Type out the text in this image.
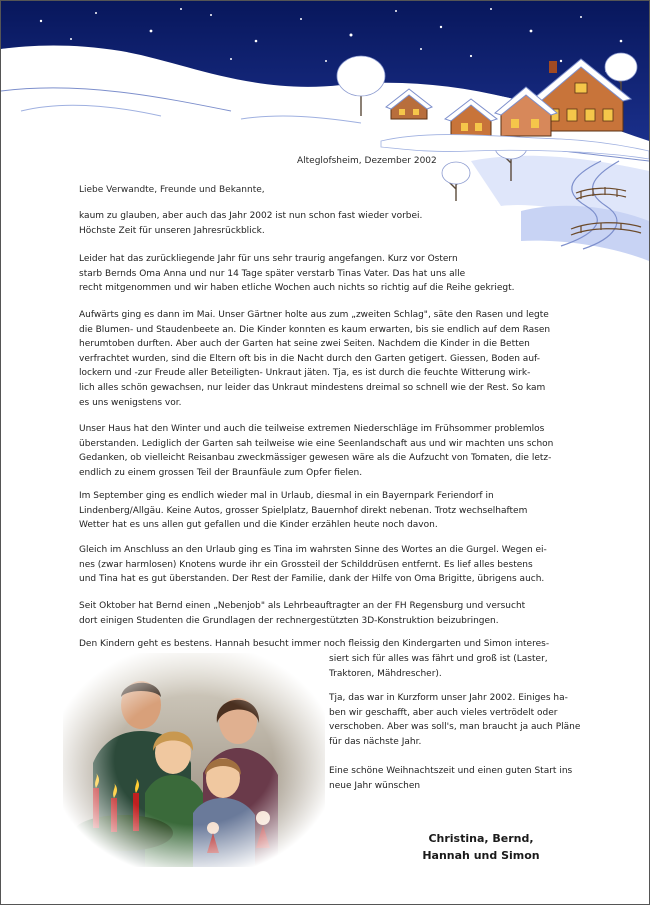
Alteglofsheim, Dezember 2002
Liebe Verwandte, Freunde und Bekannte,
kaum zu glauben, aber auch das Jahr 2002 ist nun schon fast wieder vorbei.
Höchste Zeit für unseren Jahresrückblick.
Leider hat das zurückliegende Jahr für uns sehr traurig angefangen. Kurz vor Ostern
starb Bernds Oma Anna und nur 14 Tage später verstarb Tinas Vater. Das hat uns alle
recht mitgenommen und wir haben etliche Wochen auch nichts so richtig auf die Reihe gekriegt.
Aufwärts ging es dann im Mai. Unser Gärtner holte aus zum „zweiten Schlag", säte den Rasen und legte
die Blumen- und Staudenbeete an. Die Kinder konnten es kaum erwarten, bis sie endlich auf dem Rasen
herumtoben durften. Aber auch der Garten hat seine zwei Seiten. Nachdem die Kinder in die Betten
verfrachtet wurden, sind die Eltern oft bis in die Nacht durch den Garten getigert. Giessen, Boden auf-
lockern und -zur Freude aller Beteiligten- Unkraut jäten. Tja, es ist durch die feuchte Witterung wirk-
lich alles schön gewachsen, nur leider das Unkraut mindestens dreimal so schnell wie der Rest. So kam
es uns wenigstens vor.
Unser Haus hat den Winter und auch die teilweise extremen Niederschläge im Frühsommer problemlos
überstanden. Lediglich der Garten sah teilweise wie eine Seenlandschaft aus und wir machten uns schon
Gedanken, ob vielleicht Reisanbau zweckmässiger gewesen wäre als die Aufzucht von Tomaten, die letz-
endlich zu einem grossen Teil der Braunfäule zum Opfer fielen.
Im September ging es endlich wieder mal in Urlaub, diesmal in ein Bayernpark Feriendorf in
Lindenberg/Allgäu. Keine Autos, grosser Spielplatz, Bauernhof direkt nebenan. Trotz wechselhaftem
Wetter hat es uns allen gut gefallen und die Kinder erzählen heute noch davon.
Gleich im Anschluss an den Urlaub ging es Tina im wahrsten Sinne des Wortes an die Gurgel. Wegen ei-
nes (zwar harmlosen) Knotens wurde ihr ein Grossteil der Schilddrüsen entfernt. Es lief alles bestens
und Tina hat es gut überstanden. Der Rest der Familie, dank der Hilfe von Oma Brigitte, übrigens auch.
Seit Oktober hat Bernd einen „Nebenjob" als Lehrbeauftragter an der FH Regensburg und versucht
dort einigen Studenten die Grundlagen der rechnergestützten 3D-Konstruktion beizubringen.
Den Kindern geht es bestens. Hannah besucht immer noch fleissig den Kindergarten und Simon interes-
siert sich für alles was fährt und groß ist (Laster,
Traktoren, Mähdrescher).
Tja, das war in Kurzform unser Jahr 2002. Einiges ha-
ben wir geschafft, aber auch vieles vertrödelt oder
verschoben. Aber was soll's, man braucht ja auch Pläne
für das nächste Jahr.
Eine schöne Weihnachtszeit und einen guten Start ins
neue Jahr wünschen
Christina, Bernd,
Hannah und Simon
